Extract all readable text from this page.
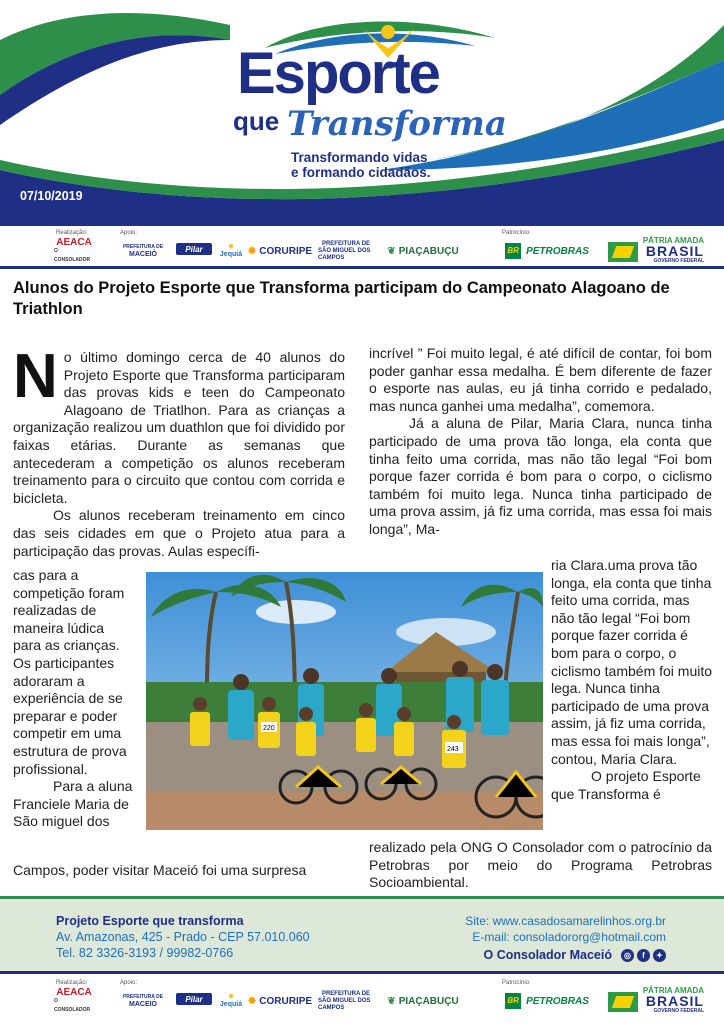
Esporte
que Transforma
Transformando vidas
e formando cidadãos.
07/10/2019
Realização:	Apoio:	Patrocínio:
AEACA
O CONSOLADOR
PREFEITURA DE
MACEIÓ
Pilar	●
Jequiá ✹ CORURIPE
PREFEITURA DE
SÃO MIGUEL DOS CAMPOS
❦ PIAÇABUÇU	BR PETROBRAS
PÁTRIA AMADA
BRASIL
GOVERNO FEDERAL
Alunos do Projeto Esporte que Transforma participam do Campeonato Alagoano de Triathlon
N o último domingo cerca de 40 alunos do Projeto Esporte que Transforma participaram das provas kids e teen do Campeonato Alagoano de Triatlhon. Para as crianças a organização realizou um duathlon que foi dividido por faixas etárias. Durante as semanas que antecederam a competição os alunos receberam treinamento para o circuito que contou com corrida e bicicleta.

Os alunos receberam treinamento em cinco das seis cidades em que o Projeto atua para a participação das provas. Aulas específi-

cas para a competição foram realizadas de maneira lúdica para as crianças. Os participantes adoraram a experiência de se preparar e poder competir em uma estrutura de prova profissional.

Para a aluna Franciele Maria de São miguel dos

Campos, poder visitar Maceió foi uma surpresa

incrível ” Foi muito legal, é até difícil de contar, foi bom poder ganhar essa medalha. É bem diferente de fazer o esporte nas aulas, eu já tinha corrido e pedalado, mas nunca ganhei uma medalha”, comemora.

Já a aluna de Pilar, Maria Clara, nunca tinha participado de uma prova tão longa, ela conta que tinha feito uma corrida, mas não tão legal “Foi bom porque fazer corrida é bom para o corpo, o ciclismo também foi muito lega. Nunca tinha participado de uma prova assim, já fiz uma corrida, mas essa foi mais longa”, Ma-

ria Clara.uma prova tão longa, ela conta que tinha feito uma corrida, mas não tão legal “Foi bom porque fazer corrida é bom para o corpo, o ciclismo também foi muito lega. Nunca tinha participado de uma prova assim, já fiz uma corrida, mas essa foi mais longa”, contou, Maria Clara.

O projeto Esporte que Transforma é

realizado pela ONG O Consolador com o patrocínio da Petrobras por meio do Programa Petrobras Socioambiental.
220
243
Projeto Esporte que transforma
Av. Amazonas, 425 - Prado - CEP 57.010.060
Tel. 82 3326-3193 / 99982-0766
Site: www.casadosamarelinhos.org.br
E-mail: consoladororg@hotmail.com
O Consolador Maceió	◎	f	✦
Realização:	Apoio:	Patrocínio:
AEACA
O CONSOLADOR
PREFEITURA DE
MACEIÓ
Pilar	●
Jequiá ✹ CORURIPE
PREFEITURA DE
SÃO MIGUEL DOS CAMPOS
❦ PIAÇABUÇU	BR PETROBRAS
PÁTRIA AMADA
BRASIL
GOVERNO FEDERAL
